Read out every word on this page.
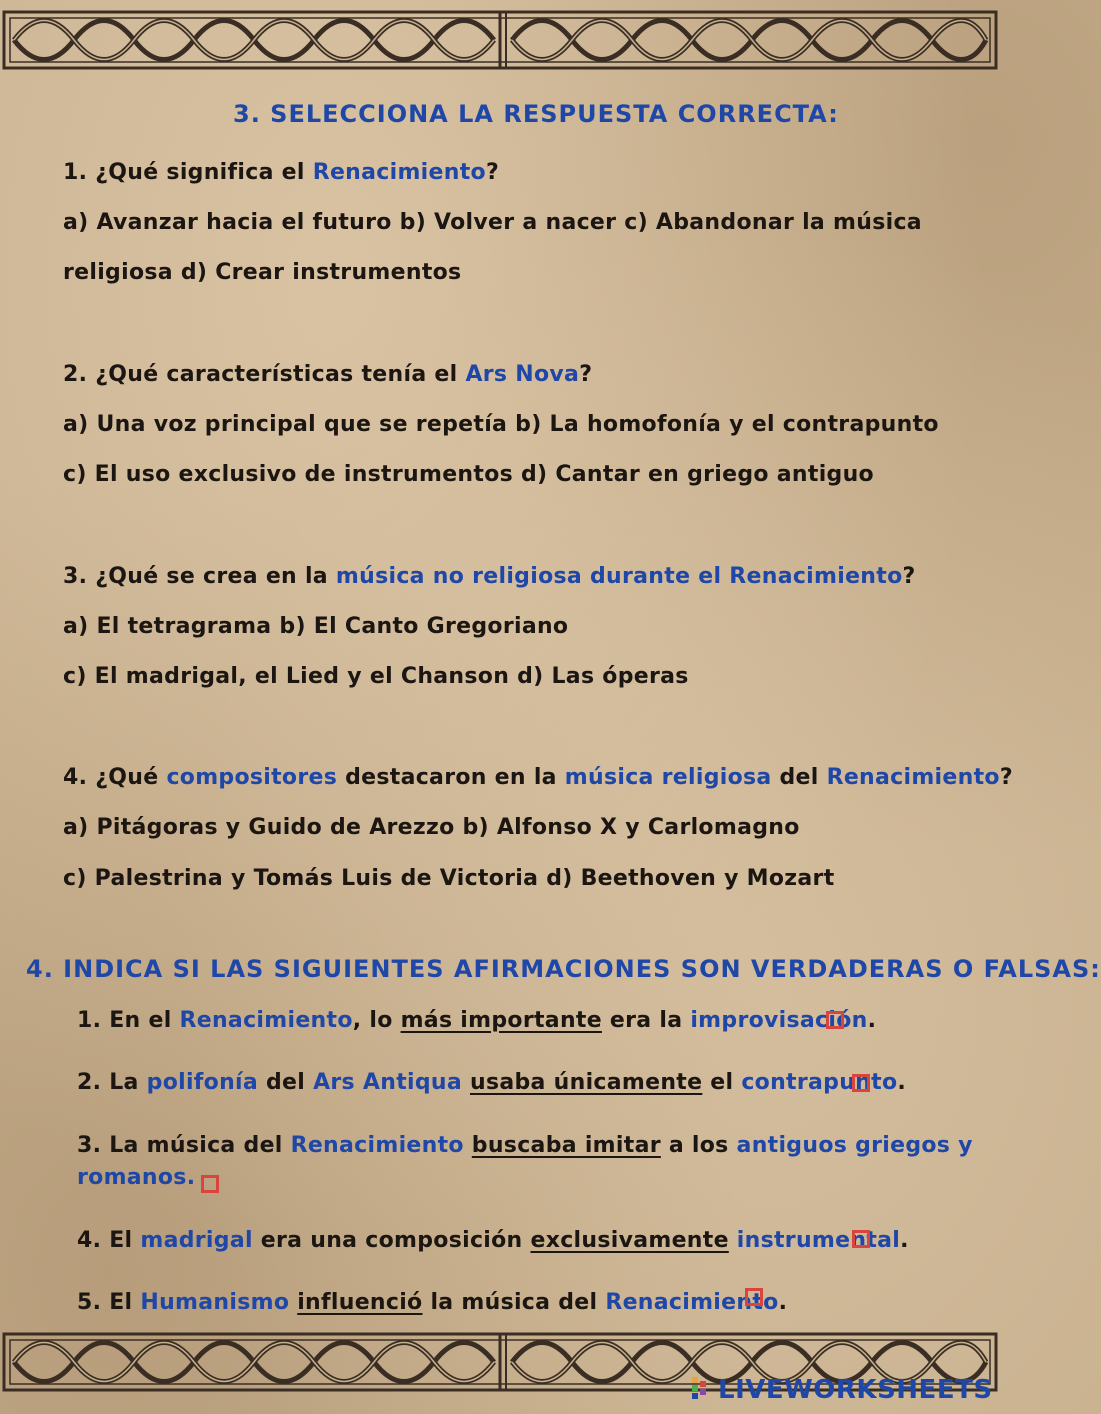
3. SELECCIONA LA RESPUESTA CORRECTA:
1. ¿Qué significa el Renacimiento?
a) Avanzar hacia el futuro b) Volver a nacer c) Abandonar la música
religiosa d) Crear instrumentos
2. ¿Qué características tenía el Ars Nova?
a) Una voz principal que se repetía b) La homofonía y el contrapunto
c) El uso exclusivo de instrumentos d) Cantar en griego antiguo
3. ¿Qué se crea en la música no religiosa durante el Renacimiento?
a) El tetragrama b) El Canto Gregoriano
c) El madrigal, el Lied y el Chanson d) Las óperas
4. ¿Qué compositores destacaron en la música religiosa del Renacimiento?
a) Pitágoras y Guido de Arezzo b) Alfonso X y Carlomagno
c) Palestrina y Tomás Luis de Victoria d) Beethoven y Mozart
4. INDICA SI LAS SIGUIENTES AFIRMACIONES SON VERDADERAS O FALSAS:
1. En el Renacimiento, lo más importante era la improvisación.
2. La polifonía del Ars Antiqua usaba únicamente el contrapunto.
3. La música del Renacimiento buscaba imitar a los antiguos griegos y
romanos.
4. El madrigal era una composición exclusivamente instrumental.
5. El Humanismo influenció la música del Renacimiento.
LIVEWORKSHEETS
